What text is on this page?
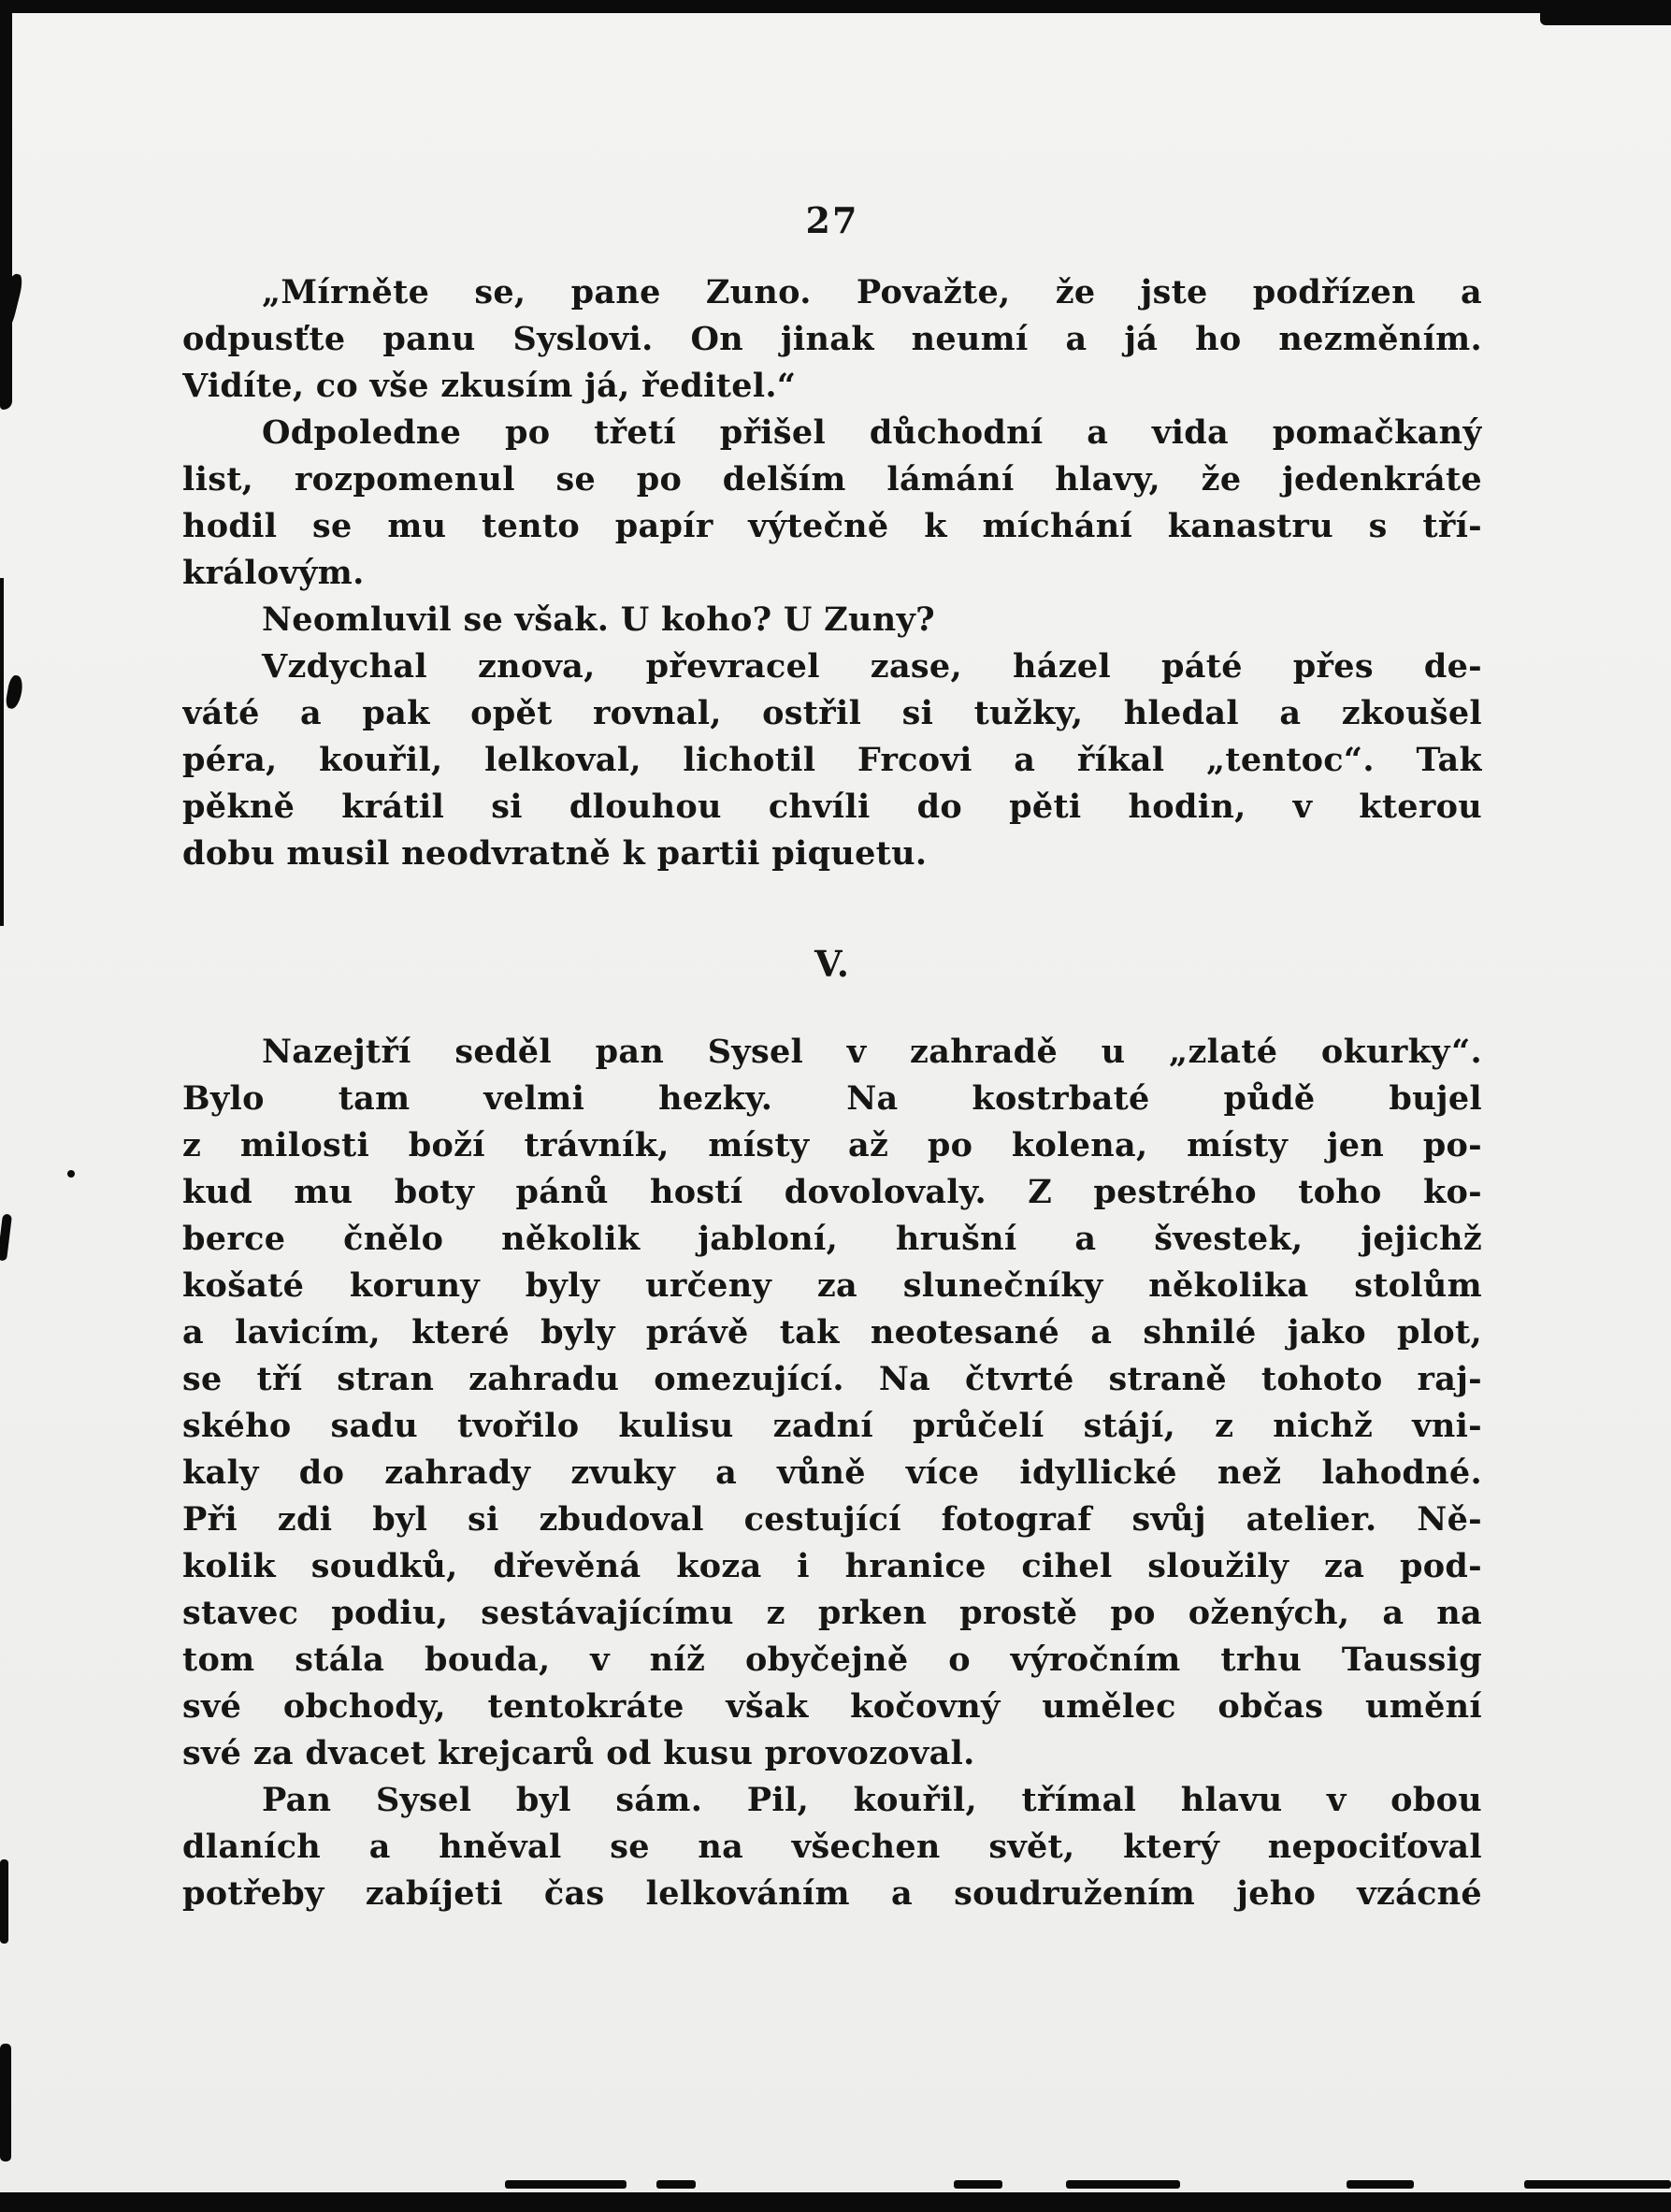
27
„Mírněte se, pane Zuno. Považte, že jste podřízen a
odpusťte panu Syslovi. On jinak neumí a já ho nezměním.
Vidíte, co vše zkusím já, ředitel.“
Odpoledne po třetí přišel důchodní a vida pomačkaný
list, rozpomenul se po delším lámání hlavy, že jedenkráte
hodil se mu tento papír výtečně k míchání kanastru s tří-
královým.
Neomluvil se však. U koho? U Zuny?
Vzdychal znova, převracel zase, házel páté přes de-
váté a pak opět rovnal, ostřil si tužky, hledal a zkoušel
péra, kouřil, lelkoval, lichotil Frcovi a říkal „tentoc“. Tak
pěkně krátil si dlouhou chvíli do pěti hodin, v kterou
dobu musil neodvratně k partii piquetu.
V.
Nazejtří seděl pan Sysel v zahradě u „zlaté okurky“.
Bylo tam velmi hezky. Na kostrbaté půdě bujel
z milosti boží trávník, místy až po kolena, místy jen po-
kud mu boty pánů hostí dovolovaly. Z pestrého toho ko-
berce čnělo několik jabloní, hrušní a švestek, jejichž
košaté koruny byly určeny za slunečníky několika stolům
a lavicím, které byly právě tak neotesané a shnilé jako plot,
se tří stran zahradu omezující. Na čtvrté straně tohoto raj-
ského sadu tvořilo kulisu zadní průčelí stájí, z nichž vni-
kaly do zahrady zvuky a vůně více idyllické než lahodné.
Při zdi byl si zbudoval cestující fotograf svůj atelier. Ně-
kolik soudků, dřevěná koza i hranice cihel sloužily za pod-
stavec podiu, sestávajícímu z prken prostě po ožených, a na
tom stála bouda, v níž obyčejně o výročním trhu Taussig
své obchody, tentokráte však kočovný umělec občas umění
své za dvacet krejcarů od kusu provozoval.
Pan Sysel byl sám. Pil, kouřil, třímal hlavu v obou
dlaních a hněval se na všechen svět, který nepociťoval
potřeby zabíjeti čas lelkováním a soudružením jeho vzácné
